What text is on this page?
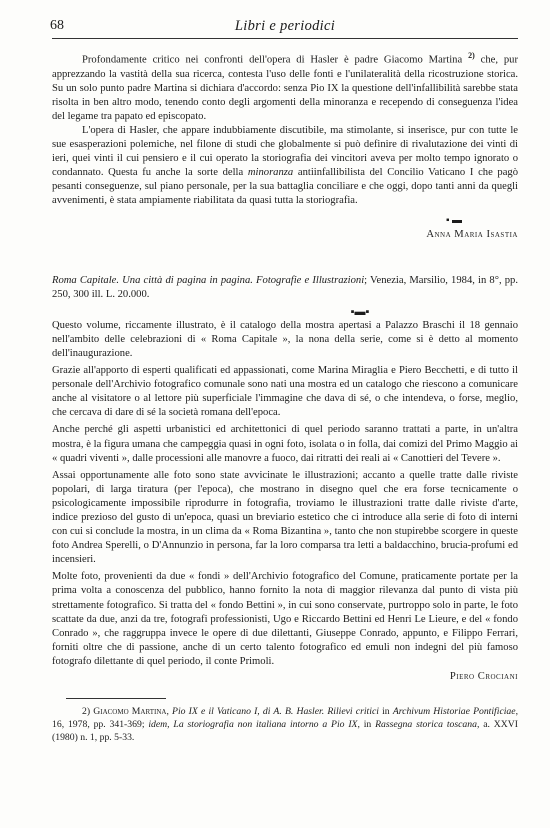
68	Libri e periodici

Profondamente critico nei confronti dell'opera di Hasler è padre Giacomo Martina $^{2)}$ che, pur apprezzando la vastità della sua ricerca, contesta l'uso delle fonti e l'unilateralità della ricostruzione storica. Su un solo punto padre Martina si dichiara d'accordo: senza Pio IX la questione dell'infallibilità sarebbe stata risolta in ben altro modo, tenendo conto degli argomenti della minoranza e recependo di conseguenza l'idea del legame tra papato ed episcopato.

L'opera di Hasler, che appare indubbiamente discutibile, ma stimolante, si inserisce, pur con tutte le sue esasperazioni polemiche, nel filone di studi che globalmente si può definire di rivalutazione dei vinti di ieri, quei vinti il cui pensiero e il cui operato la storiografia dei vincitori aveva per molto tempo ignorato o condannato. Questa fu anche la sorte della minoranza antiinfallibilista del Concilio Vaticano I che pagò pesanti conseguenze, sul piano personale, per la sua battaglia conciliare e che oggi, dopo tanti anni da quegli avvenimenti, è stata ampiamente riabilitata da quasi tutta la storiografia.

▪ ▬
Anna Maria Isastia

Roma Capitale. Una città di pagina in pagina. Fotografie e Illustrazioni; Venezia, Marsilio, 1984, in 8°, pp. 250, 300 ill. L. 20.000.

▪▬▪

Questo volume, riccamente illustrato, è il catalogo della mostra apertasi a Palazzo Braschi il 18 gennaio nell'ambito delle celebrazioni di « Roma Capitale », la nona della serie, come si è detto al momento dell'inaugurazione.

Grazie all'apporto di esperti qualificati ed appassionati, come Marina Miraglia e Piero Becchetti, e di tutto il personale dell'Archivio fotografico comunale sono nati una mostra ed un catalogo che riescono a comunicare anche al visitatore o al lettore più superficiale l'immagine che dava di sé, o che intendeva, o forse, meglio, che cercava di dare di sé la società romana dell'epoca.

Anche perché gli aspetti urbanistici ed architettonici di quel periodo saranno trattati a parte, in un'altra mostra, è la figura umana che campeggia quasi in ogni foto, isolata o in folla, dai comizi del Primo Maggio ai « quadri viventi », dalle processioni alle manovre a fuoco, dai ritratti dei reali ai « Canottieri del Tevere ».

Assai opportunamente alle foto sono state avvicinate le illustrazioni; accanto a quelle tratte dalle riviste popolari, di larga tiratura (per l'epoca), che mostrano in disegno quel che era forse tecnicamente o psicologicamente impossibile riprodurre in fotografia, troviamo le illustrazioni tratte dalle riviste d'arte, indice prezioso del gusto di un'epoca, quasi un breviario estetico che ci introduce alla serie di foto di interni con cui si conclude la mostra, in un clima da « Roma Bizantina », tanto che non stupirebbe scorgere in queste foto Andrea Sperelli, o D'Annunzio in persona, far la loro comparsa tra letti a baldacchino, brucia-profumi ed incensieri.

Molte foto, provenienti da due « fondi » dell'Archivio fotografico del Comune, praticamente portate per la prima volta a conoscenza del pubblico, hanno fornito la nota di maggior rilevanza dal punto di vista più strettamente fotografico. Si tratta del « fondo Bettini », in cui sono conservate, purtroppo solo in parte, le foto scattate da due, anzi da tre, fotografi professionisti, Ugo e Riccardo Bettini ed Henri Le Lieure, e del « fondo Conrado », che raggruppa invece le opere di due dilettanti, Giuseppe Conrado, appunto, e Filippo Ferrari, forniti oltre che di passione, anche di un certo talento fotografico ed emuli non indegni del più famoso fotografo dilettante di quel periodo, il conte Primoli.

Piero Crociani

2) Giacomo Martina, Pio IX e il Vaticano I, di A. B. Hasler. Rilievi critici in Archivum Historiae Pontificiae, 16, 1978, pp. 341-369; idem, La storiografia non italiana intorno a Pio IX, in Rassegna storica toscana, a. XXVI (1980) n. 1, pp. 5-33.
